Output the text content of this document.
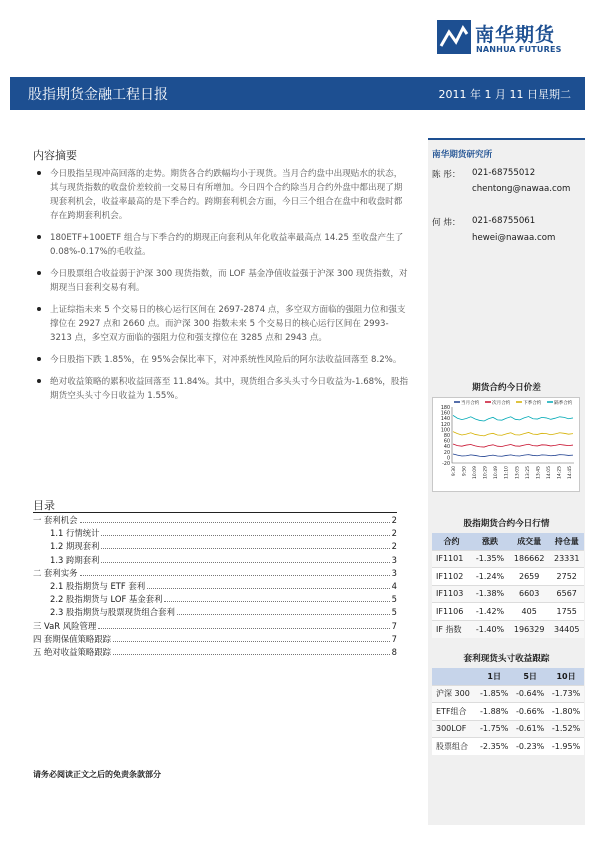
南华期货
NANHUA FUTURES
股指期货金融工程日报	2011 年 1 月 11 日星期二
内容摘要
今日股指呈现冲高回落的走势。期货各合约跌幅均小于现货。当月合约盘中出现贴水的状态，其与现货指数的收盘价差较前一交易日有所增加。今日四个合约除当月合约外盘中都出现了期现套利机会，收益率最高的是下季合约。跨期套利机会方面，今日三个组合在盘中和收盘时都存在跨期套利机会。
180ETF+100ETF 组合与下季合约的期现正向套利从年化收益率最高点 14.25 至收盘产生了 0.08%-0.17%的毛收益。
今日股票组合收益弱于沪深 300 现货指数，而 LOF 基金净值收益强于沪深 300 现货指数，对期现当日套利交易有利。
上证综指未来 5 个交易日的核心运行区间在 2697-2874 点，多空双方面临的强阻力位和强支撑位在 2927 点和 2660 点。而沪深 300 指数未来 5 个交易日的核心运行区间在 2993-3213 点，多空双方面临的强阻力位和强支撑位在 3285 点和 2943 点。
今日股指下跌 1.85%，在 95%会保比率下，对冲系统性风险后的阿尔法收益回落至 8.2%。
绝对收益策略的累积收益回落至 11.84%。其中，现货组合多头头寸今日收益为-1.68%，股指期货空头头寸今日收益为 1.55%。
目录
一 套利机会	2
1.1 行情统计	2
1.2 期现套利	2
1.3 跨期套利	3
二 套利实务	3
2.1 股指期货与 ETF 套利	4
2.2 股指期货与 LOF 基金套利	5
2.3 股指期货与股票现货组合套利	5
三 VaR 风险管理	7
四 套期保值策略跟踪	7
五 绝对收益策略跟踪	8
请务必阅读正文之后的免责条款部分
南华期货研究所
陈 彤： 021-68755012
chentong@nawaa.com
何 炜： 021-68755061
hewei@nawaa.com
期货合约今日价差
180
160
140
120
100
80
60
40
20
0
-20
9:30 9:50 10:09 10:29 10:49 11:10 13:05 13:25 13:45 14:05 14:25 14:45
当月合约	次月合约	下季合约	隔季合约
股指期货合约今日行情
合约	涨跌	成交量	持仓量
IF1101	-1.35%	186662	23331
IF1102	-1.24%	2659	2752
IF1103	-1.38%	6603	6567
IF1106	-1.42%	405	1755
IF 指数	-1.40%	196329	34405
套利现货头寸收益跟踪
	1日	5日	10日
沪深 300	-1.85%	-0.64%	-1.73%
ETF组合	-1.88%	-0.66%	-1.80%
300LOF	-1.75%	-0.61%	-1.52%
股票组合	-2.35%	-0.23%	-1.95%
